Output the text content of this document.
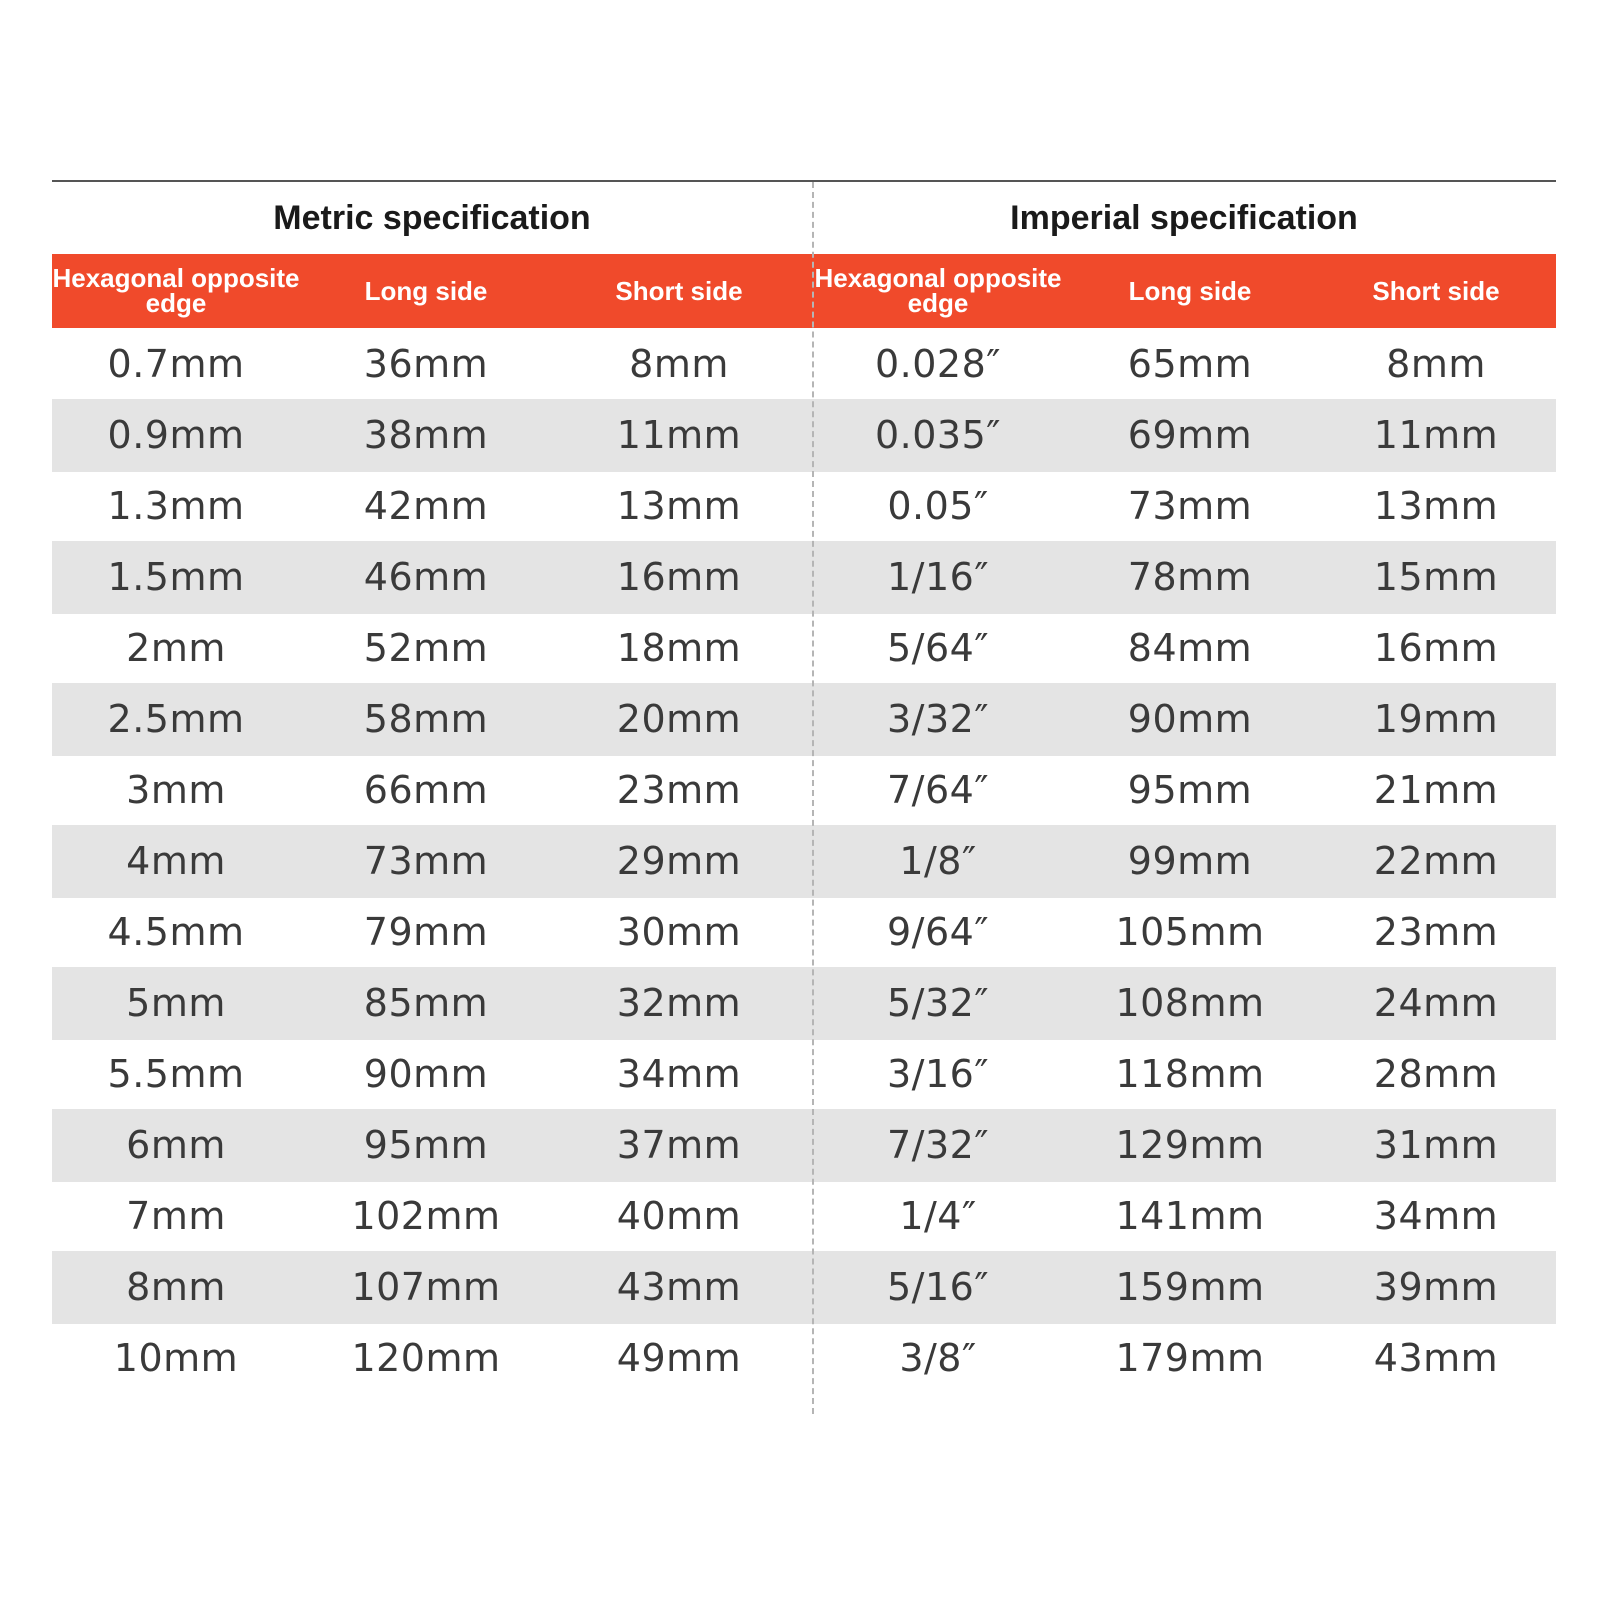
Metric specification	Imperial specification
Hexagonal opposite edge	Long side	Short side	Hexagonal opposite edge	Long side	Short side
0.7mm	36mm	8mm	0.028″	65mm	8mm
0.9mm	38mm	11mm	0.035″	69mm	11mm
1.3mm	42mm	13mm	0.05″	73mm	13mm
1.5mm	46mm	16mm	1/16″	78mm	15mm
2mm	52mm	18mm	5/64″	84mm	16mm
2.5mm	58mm	20mm	3/32″	90mm	19mm
3mm	66mm	23mm	7/64″	95mm	21mm
4mm	73mm	29mm	1/8″	99mm	22mm
4.5mm	79mm	30mm	9/64″	105mm	23mm
5mm	85mm	32mm	5/32″	108mm	24mm
5.5mm	90mm	34mm	3/16″	118mm	28mm
6mm	95mm	37mm	7/32″	129mm	31mm
7mm	102mm	40mm	1/4″	141mm	34mm
8mm	107mm	43mm	5/16″	159mm	39mm
10mm	120mm	49mm	3/8″	179mm	43mm
